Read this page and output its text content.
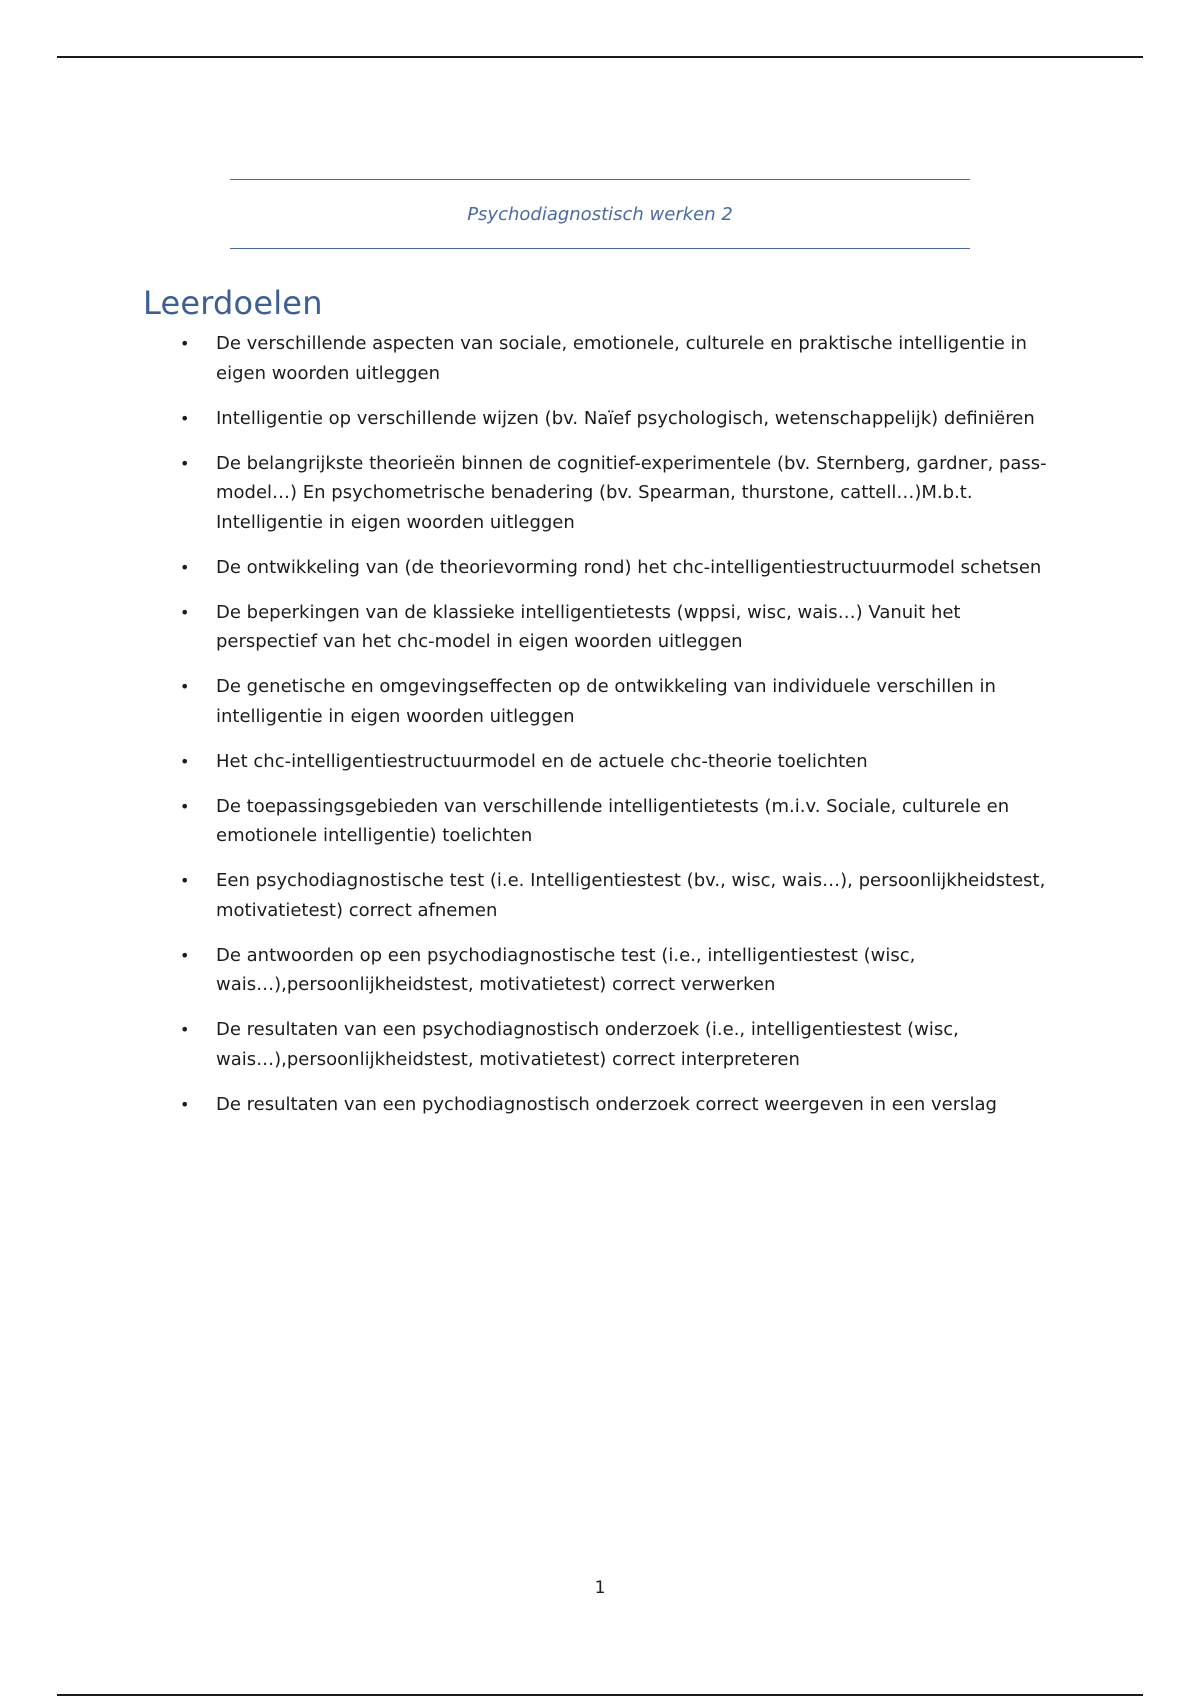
Psychodiagnostisch werken 2
Leerdoelen
• De verschillende aspecten van sociale, emotionele, culturele en praktische intelligentie in eigen woorden uitleggen
• Intelligentie op verschillende wijzen (bv. Naïef psychologisch, wetenschappelijk) definiëren
• De belangrijkste theorieën binnen de cognitief-experimentele (bv. Sternberg, gardner, pass-model…) En psychometrische benadering (bv. Spearman, thurstone, cattell…)M.b.t. Intelligentie in eigen woorden uitleggen
• De ontwikkeling van (de theorievorming rond) het chc-intelligentiestructuurmodel schetsen
• De beperkingen van de klassieke intelligentietests (wppsi, wisc, wais…) Vanuit het perspectief van het chc-model in eigen woorden uitleggen
• De genetische en omgevingseffecten op de ontwikkeling van individuele verschillen in intelligentie in eigen woorden uitleggen
• Het chc-intelligentiestructuurmodel en de actuele chc-theorie toelichten
• De toepassingsgebieden van verschillende intelligentietests (m.i.v. Sociale, culturele en emotionele intelligentie) toelichten
• Een psychodiagnostische test (i.e. Intelligentiestest (bv., wisc, wais…), persoonlijkheidstest, motivatietest) correct afnemen
• De antwoorden op een psychodiagnostische test (i.e., intelligentiestest (wisc, wais…),persoonlijkheidstest, motivatietest) correct verwerken
• De resultaten van een psychodiagnostisch onderzoek (i.e., intelligentiestest (wisc, wais…),persoonlijkheidstest, motivatietest) correct interpreteren
• De resultaten van een pychodiagnostisch onderzoek correct weergeven in een verslag
1
